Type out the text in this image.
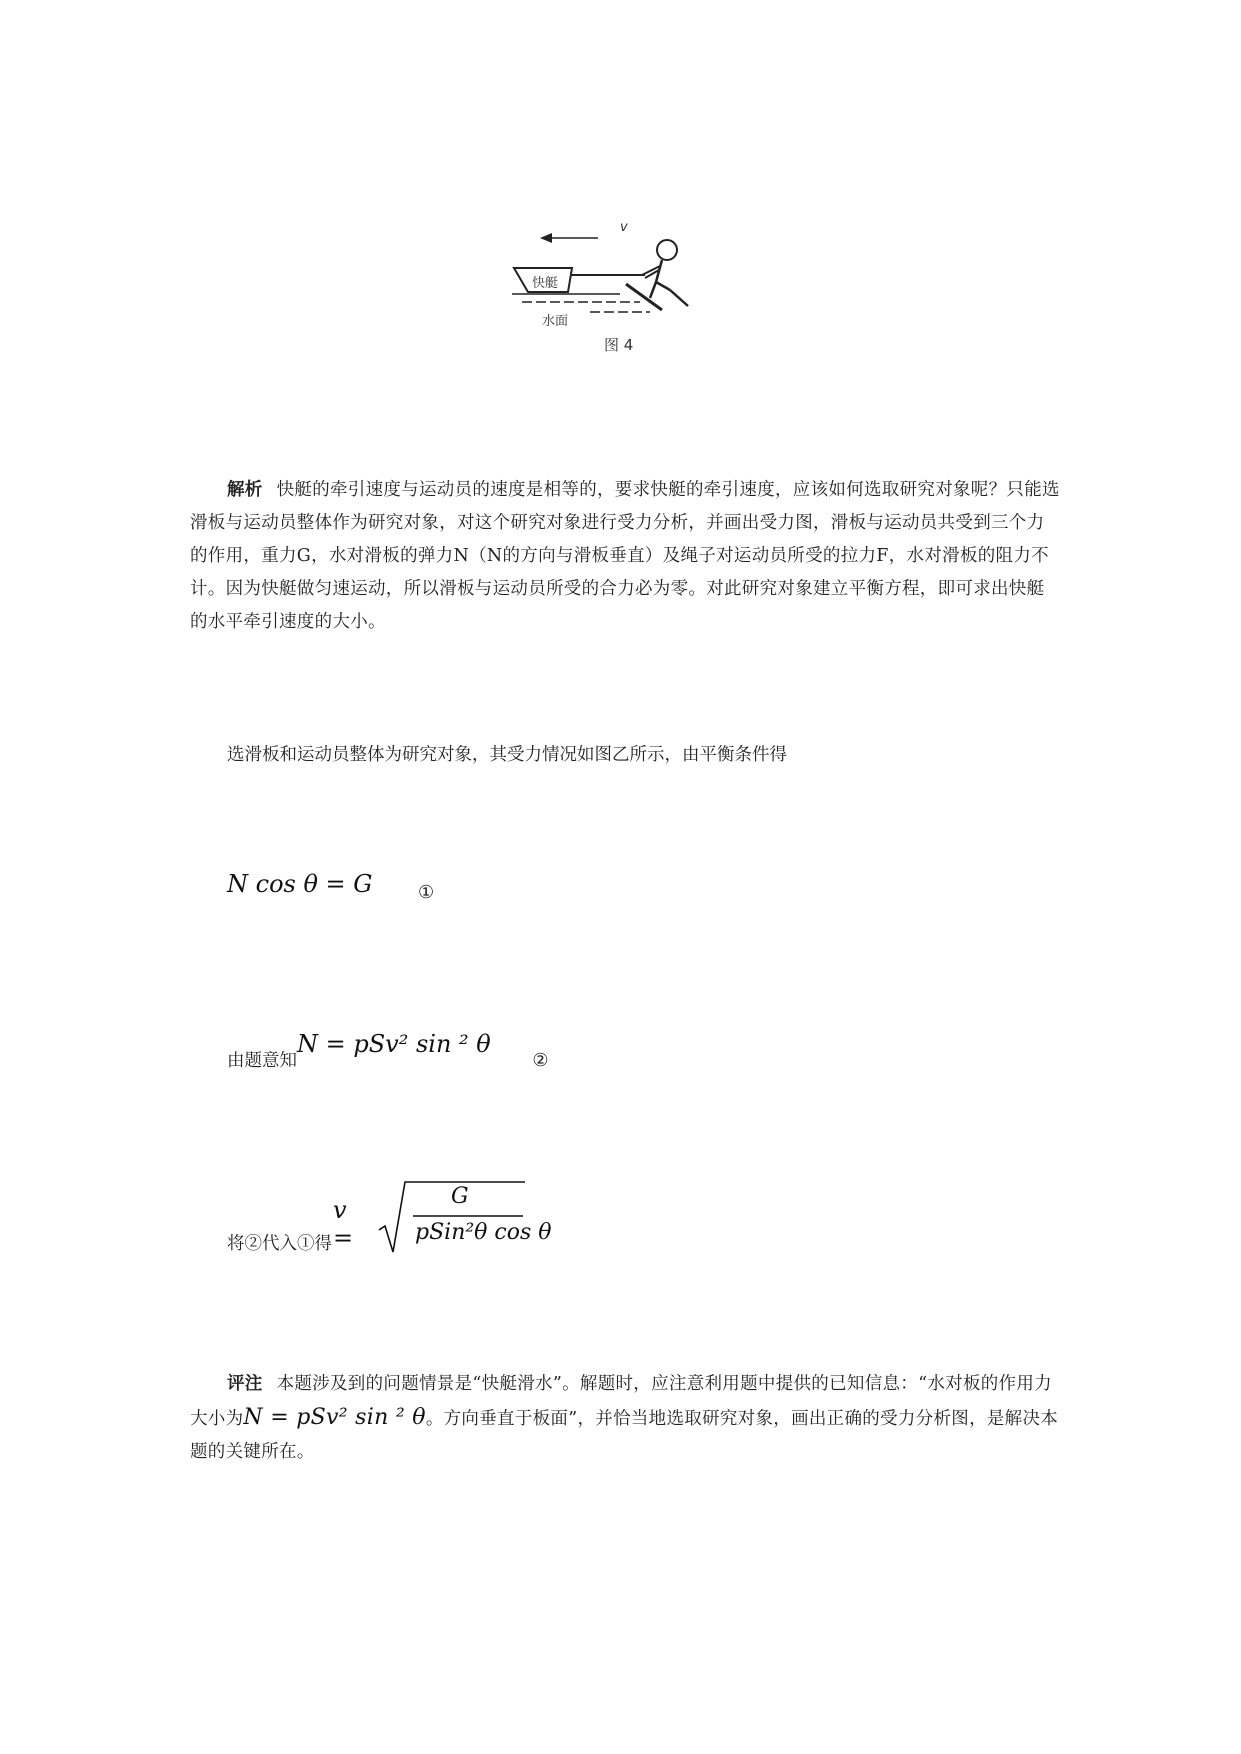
v
快艇
水面
图 4

解析 快艇的牵引速度与运动员的速度是相等的，要求快艇的牵引速度，应该如何选取研究对象呢？只能选滑板与运动员整体作为研究对象，对这个研究对象进行受力分析，并画出受力图，滑板与运动员共受到三个力的作用，重力G，水对滑板的弹力N（N的方向与滑板垂直）及绳子对运动员所受的拉力F，水对滑板的阻力不计。因为快艇做匀速运动，所以滑板与运动员所受的合力必为零。对此研究对象建立平衡方程，即可求出快艇的水平牵引速度的大小。

选滑板和运动员整体为研究对象，其受力情况如图乙所示，由平衡条件得
N cos θ = G	①
由题意知N = pSv² sin ² θ ②
将②代入①得
v =
G
pSin²θ cos θ

评注 本题涉及到的问题情景是“快艇滑水”。解题时，应注意利用题中提供的已知信息：“水对板的作用力大小为N = pSv² sin ² θ。方向垂直于板面”，并恰当地选取研究对象，画出正确的受力分析图，是解决本题的关键所在。
